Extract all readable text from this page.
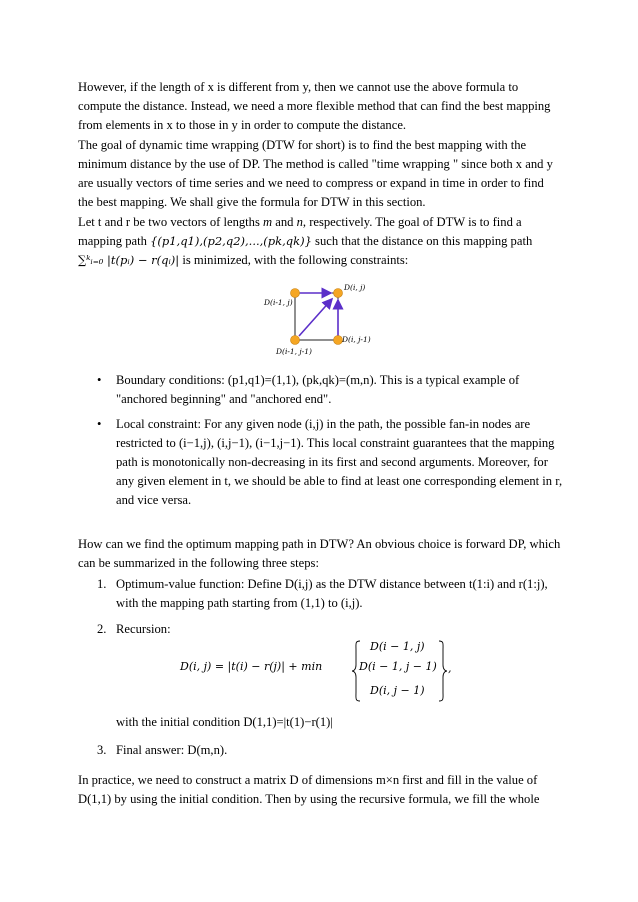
However, if the length of x is different from y, then we cannot use the above formula to compute the distance. Instead, we need a more flexible method that can find the best mapping from elements in x to those in y in order to compute the distance.

The goal of dynamic time wrapping (DTW for short) is to find the best mapping with the minimum distance by the use of DP. The method is called "time wrapping " since both x and y are usually vectors of time series and we need to compress or expand in time in order to find the best mapping. We shall give the formula for DTW in this section.

Let t and r be two vectors of lengths m and n, respectively. The goal of DTW is to find a mapping path {(p1,q1),(p2,q2),...,(pk,qk)} such that the distance on this mapping path
∑ᵏᵢ₌₀ |t(pᵢ) − r(qᵢ)| is minimized, with the following constraints:

D(i-1, j)
D(i, j)
D(i-1, j-1)
D(i, j-1)
• Boundary conditions: (p1,q1)=(1,1), (pk,qk)=(m,n). This is a typical example of "anchored beginning" and "anchored end".

• Local constraint: For any given node (i,j) in the path, the possible fan-in nodes are restricted to (i−1,j), (i,j−1), (i−1,j−1). This local constraint guarantees that the mapping path is monotonically non-decreasing in its first and second arguments. Moreover, for any given element in t, we should be able to find at least one corresponding element in r, and vice versa.

How can we find the optimum mapping path in DTW? An obvious choice is forward DP, which can be summarized in the following three steps:

1. Optimum-value function: Define D(i,j) as the DTW distance between t(1:i) and r(1:j), with the mapping path starting from (1,1) to (i,j).

2. Recursion:

D(i, j) = |t(i) − r(j)| + min
D(i − 1, j)
D(i − 1, j − 1)
D(i, j − 1)
,

with the initial condition D(1,1)=|t(1)−r(1)|

3. Final answer: D(m,n).

In practice, we need to construct a matrix D of dimensions m×n first and fill in the value of D(1,1) by using the initial condition. Then by using the recursive formula, we fill the whole
